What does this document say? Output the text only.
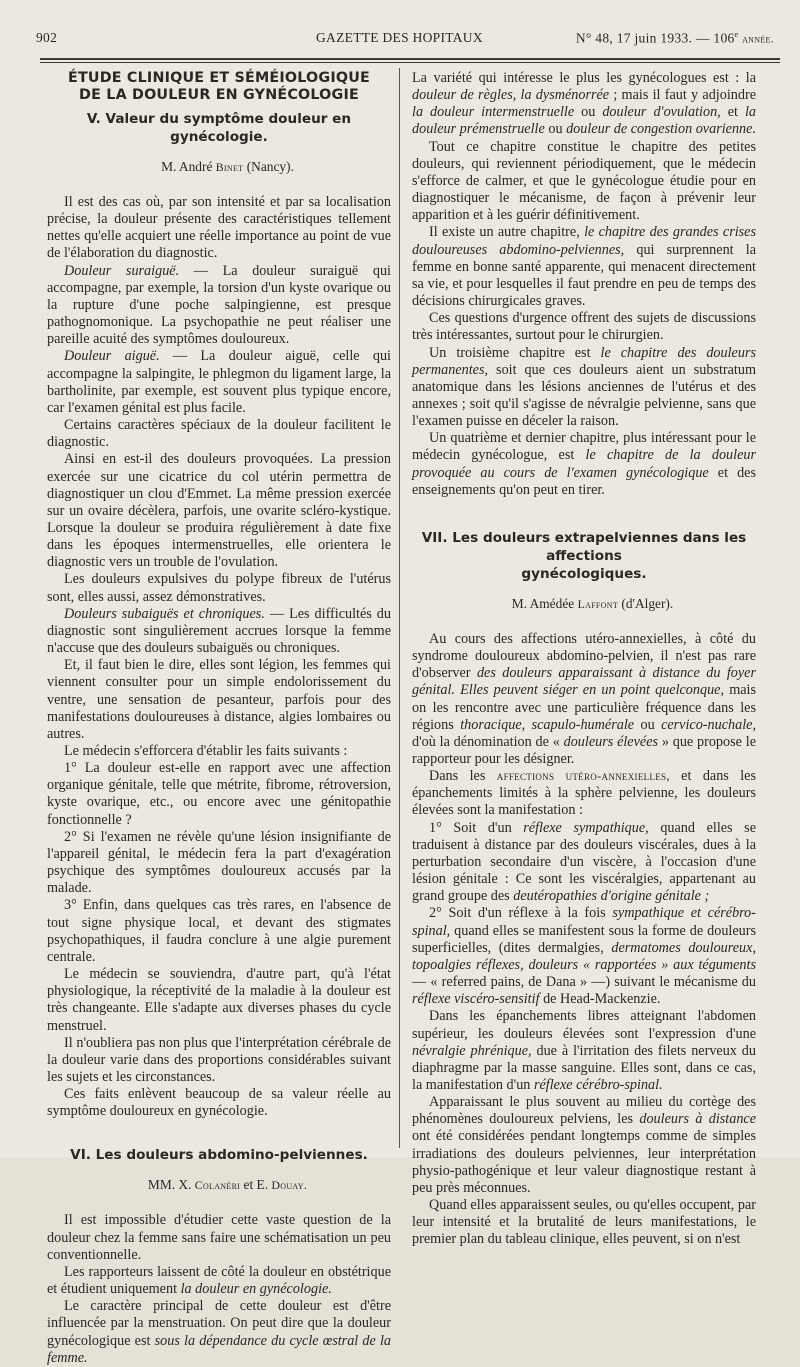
902	GAZETTE DES HOPITAUX	N° 48, 17 juin 1933. — 106e année.
ÉTUDE CLINIQUE ET SÉMÉIOLOGIQUE
DE LA DOULEUR EN GYNÉCOLOGIE
V. Valeur du symptôme douleur en gynécologie.

M. André Binet (Nancy).

Il est des cas où, par son intensité et par sa localisation précise, la douleur présente des caractéristiques tellement nettes qu'elle acquiert une réelle importance au point de vue de l'élaboration du diagnostic.

Douleur suraiguë. — La douleur suraiguë qui accompagne, par exemple, la torsion d'un kyste ovarique ou la rupture d'une poche salpingienne, est presque pathognomonique. La psychopathie ne peut réaliser une pareille acuité des symptômes douloureux.

Douleur aiguë. — La douleur aiguë, celle qui accompagne la salpingite, le phlegmon du ligament large, la bartholinite, par exemple, est souvent plus typique encore, car l'examen génital est plus facile.

Certains caractères spéciaux de la douleur facilitent le diagnostic.

Ainsi en est-il des douleurs provoquées. La pression exercée sur une cicatrice du col utérin permettra de diagnostiquer un clou d'Emmet. La même pression exercée sur un ovaire décèlera, parfois, une ovarite scléro-kystique. Lorsque la douleur se produira régulièrement à date fixe dans les époques intermenstruelles, elle orientera le diagnostic vers un trouble de l'ovulation.

Les douleurs expulsives du polype fibreux de l'utérus sont, elles aussi, assez démonstratives.

Douleurs subaiguës et chroniques. — Les difficultés du diagnostic sont singulièrement accrues lorsque la femme n'accuse que des douleurs subaiguës ou chroniques.

Et, il faut bien le dire, elles sont légion, les femmes qui viennent consulter pour un simple endolorissement du ventre, une sensation de pesanteur, parfois pour des manifestations douloureuses à distance, algies lombaires ou autres.

Le médecin s'efforcera d'établir les faits suivants :

1° La douleur est-elle en rapport avec une affection organique génitale, telle que métrite, fibrome, rétroversion, kyste ovarique, etc., ou encore avec une génitopathie fonctionnelle ?

2° Si l'examen ne révèle qu'une lésion insignifiante de l'appareil génital, le médecin fera la part d'exagération psychique des symptômes douloureux accusés par la malade.

3° Enfin, dans quelques cas très rares, en l'absence de tout signe physique local, et devant des stigmates psychopathiques, il faudra conclure à une algie purement centrale.

Le médecin se souviendra, d'autre part, qu'à l'état physiologique, la réceptivité de la maladie à la douleur est très changeante. Elle s'adapte aux diverses phases du cycle menstruel.

Il n'oubliera pas non plus que l'interprétation cérébrale de la douleur varie dans des proportions considérables suivant les sujets et les circonstances.

Ces faits enlèvent beaucoup de sa valeur réelle au symptôme douloureux en gynécologie.

VI. Les douleurs abdomino-pelviennes.

MM. X. Colanéri et E. Douay.

Il est impossible d'étudier cette vaste question de la douleur chez la femme sans faire une schématisation un peu conventionnelle.

Les rapporteurs laissent de côté la douleur en obstétrique et étudient uniquement la douleur en gynécologie.

Le caractère principal de cette douleur est d'être influencée par la menstruation. On peut dire que la douleur gynécologique est sous la dépendance du cycle œstral de la femme.

La variété qui intéresse le plus les gynécologues est : la douleur de règles, la dysménorrée ; mais il faut y adjoindre la douleur intermenstruelle ou douleur d'ovulation, et la douleur prémenstruelle ou douleur de congestion ovarienne.

Tout ce chapitre constitue le chapitre des petites douleurs, qui reviennent périodiquement, que le médecin s'efforce de calmer, et que le gynécologue étudie pour en diagnostiquer le mécanisme, de façon à prévenir leur apparition et à les guérir définitivement.

Il existe un autre chapitre, le chapitre des grandes crises douloureuses abdomino-pelviennes, qui surprennent la femme en bonne santé apparente, qui menacent directement sa vie, et pour lesquelles il faut prendre en peu de temps des décisions chirurgicales graves.

Ces questions d'urgence offrent des sujets de discussions très intéressantes, surtout pour le chirurgien.

Un troisième chapitre est le chapitre des douleurs permanentes, soit que ces douleurs aient un substratum anatomique dans les lésions anciennes de l'utérus et des annexes ; soit qu'il s'agisse de névralgie pelvienne, sans que l'examen puisse en déceler la raison.

Un quatrième et dernier chapitre, plus intéressant pour le médecin gynécologue, est le chapitre de la douleur provoquée au cours de l'examen gynécologique et des enseignements qu'on peut en tirer.

VII. Les douleurs extrapelviennes dans les affections
gynécologiques.

M. Amédée Laffont (d'Alger).

Au cours des affections utéro-annexielles, à côté du syndrome douloureux abdomino-pelvien, il n'est pas rare d'observer des douleurs apparaissant à distance du foyer génital. Elles peuvent siéger en un point quelconque, mais on les rencontre avec une particulière fréquence dans les régions thoracique, scapulo-humérale ou cervico-nuchale, d'où la dénomination de « douleurs élevées » que propose le rapporteur pour les désigner.

Dans les affections utéro-annexielles, et dans les épanchements limités à la sphère pelvienne, les douleurs élevées sont la manifestation :

1° Soit d'un réflexe sympathique, quand elles se traduisent à distance par des douleurs viscérales, dues à la perturbation secondaire d'un viscère, à l'occasion d'une lésion génitale : Ce sont les viscéralgies, appartenant au grand groupe des deutéropathies d'origine génitale ;

2° Soit d'un réflexe à la fois sympathique et cérébro-spinal, quand elles se manifestent sous la forme de douleurs superficielles, (dites dermalgies, dermatomes douloureux, topoalgies réflexes, douleurs « rapportées » aux téguments — « referred pains, de Dana » —) suivant le mécanisme du réflexe viscéro-sensitif de Head-Mackenzie.

Dans les épanchements libres atteignant l'abdomen supérieur, les douleurs élevées sont l'expression d'une névralgie phrénique, due à l'irritation des filets nerveux du diaphragme par la masse sanguine. Elles sont, dans ce cas, la manifestation d'un réflexe cérébro-spinal.

Apparaissant le plus souvent au milieu du cortège des phénomènes douloureux pelviens, les douleurs à distance ont été considérées pendant longtemps comme de simples irradiations des douleurs pelviennes, leur interprétation physio-pathogénique et leur valeur diagnostique restant à peu près méconnues.

Quand elles apparaissent seules, ou qu'elles occupent, par leur intensité et la brutalité de leurs manifestations, le premier plan du tableau clinique, elles peuvent, si on n'est
